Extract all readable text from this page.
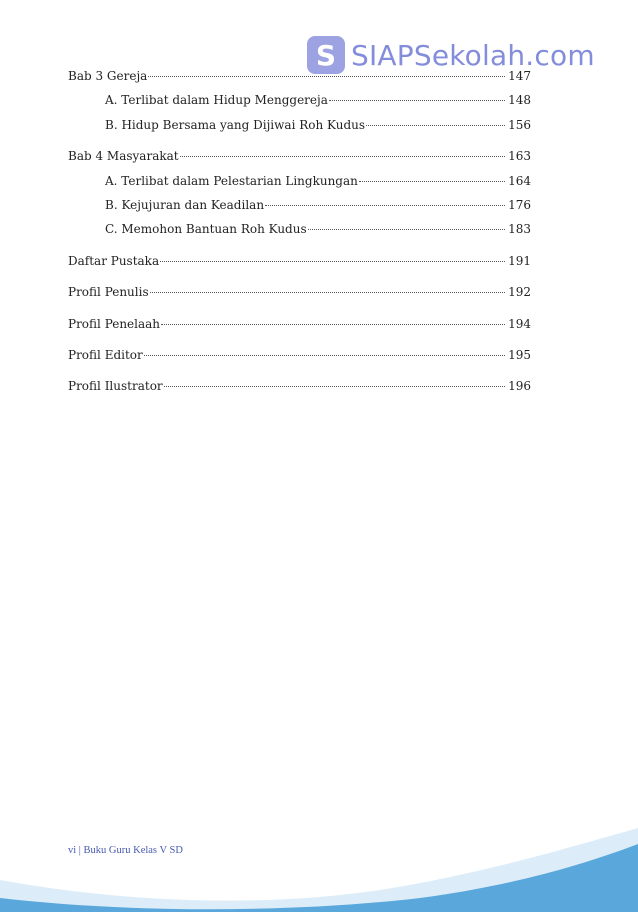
S SIAPSekolah.com
Bab 3 Gereja	147
A. Terlibat dalam Hidup Menggereja	148
B. Hidup Bersama yang Dijiwai Roh Kudus	156
Bab 4 Masyarakat	163
A. Terlibat dalam Pelestarian Lingkungan	164
B. Kejujuran dan Keadilan	176
C. Memohon Bantuan Roh Kudus	183
Daftar Pustaka	191
Profil Penulis	192
Profil Penelaah	194
Profil Editor	195
Profil Ilustrator	196
vi | Buku Guru Kelas V SD
